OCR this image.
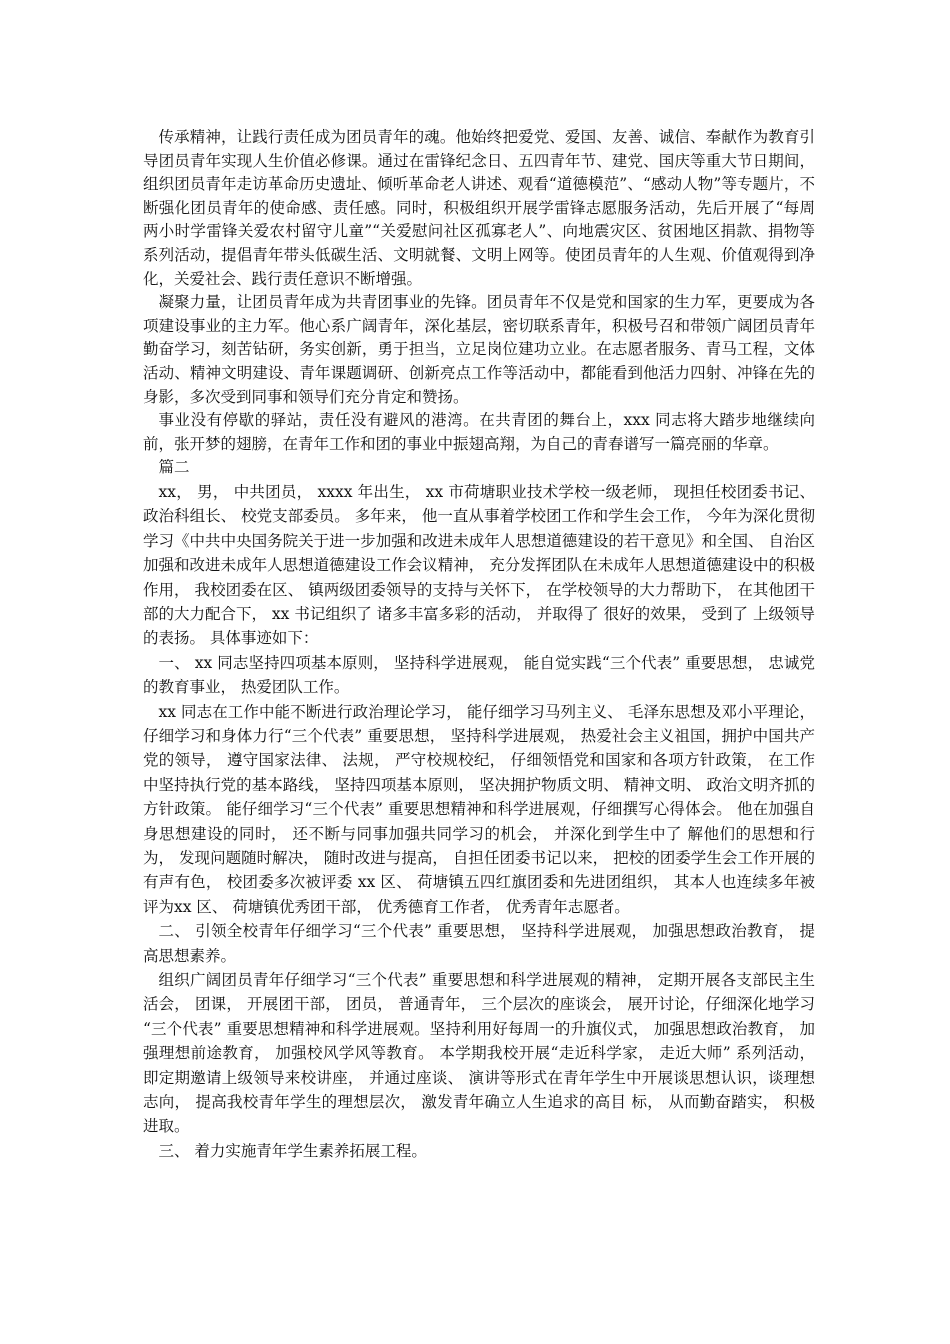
传承精神，让践行责任成为团员青年的魂。他始终把爱党、爱国、友善、诚信、奉献作为教育引导团员青年实现人生价值必修课。通过在雷锋纪念日、五四青年节、建党、国庆等重大节日期间，组织团员青年走访革命历史遗址、倾听革命老人讲述、观看“道德模范”、“感动人物”等专题片，不断强化团员青年的使命感、责任感。同时，积极组织开展学雷锋志愿服务活动，先后开展了“每周两小时学雷锋关爱农村留守儿童”“关爱慰问社区孤寡老人”、向地震灾区、贫困地区捐款、捐物等系列活动，提倡青年带头低碳生活、文明就餐、文明上网等。使团员青年的人生观、价值观得到净化，关爱社会、践行责任意识不断增强。

凝聚力量，让团员青年成为共青团事业的先锋。团员青年不仅是党和国家的生力军，更要成为各项建设事业的主力军。他心系广阔青年，深化基层，密切联系青年，积极号召和带领广阔团员青年勤奋学习，刻苦钻研，务实创新，勇于担当，立足岗位建功立业。在志愿者服务、青马工程，文体活动、精神文明建设、青年课题调研、创新亮点工作等活动中，都能看到他活力四射、冲锋在先的身影，多次受到同事和领导们充分肯定和赞扬。

事业没有停歇的驿站，责任没有避风的港湾。在共青团的舞台上，xxx 同志将大踏步地继续向前，张开梦的翅膀，在青年工作和团的事业中振翅高翔，为自己的青春谱写一篇亮丽的华章。

篇二

xx， 男， 中共团员， xxxx 年出生， xx 市荷塘职业技术学校一级老师， 现担任校团委书记、 政治科组长、 校党支部委员。 多年来， 他一直从事着学校团工作和学生会工作， 今年为深化贯彻学习《中共中央国务院关于进一步加强和改进未成年人思想道德建设的若干意见》和全国、 自治区加强和改进未成年人思想道德建设工作会议精神， 充分发挥团队在未成年人思想道德建设中的积极作用， 我校团委在区、 镇两级团委领导的支持与关怀下， 在学校领导的大力帮助下， 在其他团干部的大力配合下， xx 书记组织了 诸多丰富多彩的活动， 并取得了 很好的效果， 受到了 上级领导的表扬。 具体事迹如下：

一、 xx 同志坚持四项基本原则， 坚持科学进展观， 能自觉实践“三个代表” 重要思想， 忠诚党的教育事业， 热爱团队工作。

xx 同志在工作中能不断进行政治理论学习， 能仔细学习马列主义、 毛泽东思想及邓小平理论， 仔细学习和身体力行“三个代表” 重要思想， 坚持科学进展观， 热爱社会主义祖国，拥护中国共产党的领导， 遵守国家法律、 法规， 严守校规校纪， 仔细领悟党和国家和各项方针政策， 在工作中坚持执行党的基本路线， 坚持四项基本原则， 坚决拥护物质文明、 精神文明、 政治文明齐抓的方针政策。 能仔细学习“三个代表” 重要思想精神和科学进展观，仔细撰写心得体会。 他在加强自身思想建设的同时， 还不断与同事加强共同学习的机会， 并深化到学生中了 解他们的思想和行为， 发现问题随时解决， 随时改进与提高， 自担任团委书记以来， 把校的团委学生会工作开展的有声有色， 校团委多次被评委 xx 区、 荷塘镇五四红旗团委和先进团组织， 其本人也连续多年被评为xx 区、 荷塘镇优秀团干部， 优秀德育工作者， 优秀青年志愿者。

二、 引领全校青年仔细学习“三个代表” 重要思想， 坚持科学进展观， 加强思想政治教育， 提高思想素养。

组织广阔团员青年仔细学习“三个代表” 重要思想和科学进展观的精神， 定期开展各支部民主生活会， 团课， 开展团干部， 团员， 普通青年， 三个层次的座谈会， 展开讨论，仔细深化地学习 “三个代表” 重要思想精神和科学进展观。坚持利用好每周一的升旗仪式， 加强思想政治教育， 加强理想前途教育， 加强校风学风等教育。 本学期我校开展“走近科学家， 走近大师” 系列活动， 即定期邀请上级领导来校讲座， 并通过座谈、 演讲等形式在青年学生中开展谈思想认识，谈理想志向， 提高我校青年学生的理想层次， 激发青年确立人生追求的高目 标， 从而勤奋踏实， 积极进取。

三、 着力实施青年学生素养拓展工程。
